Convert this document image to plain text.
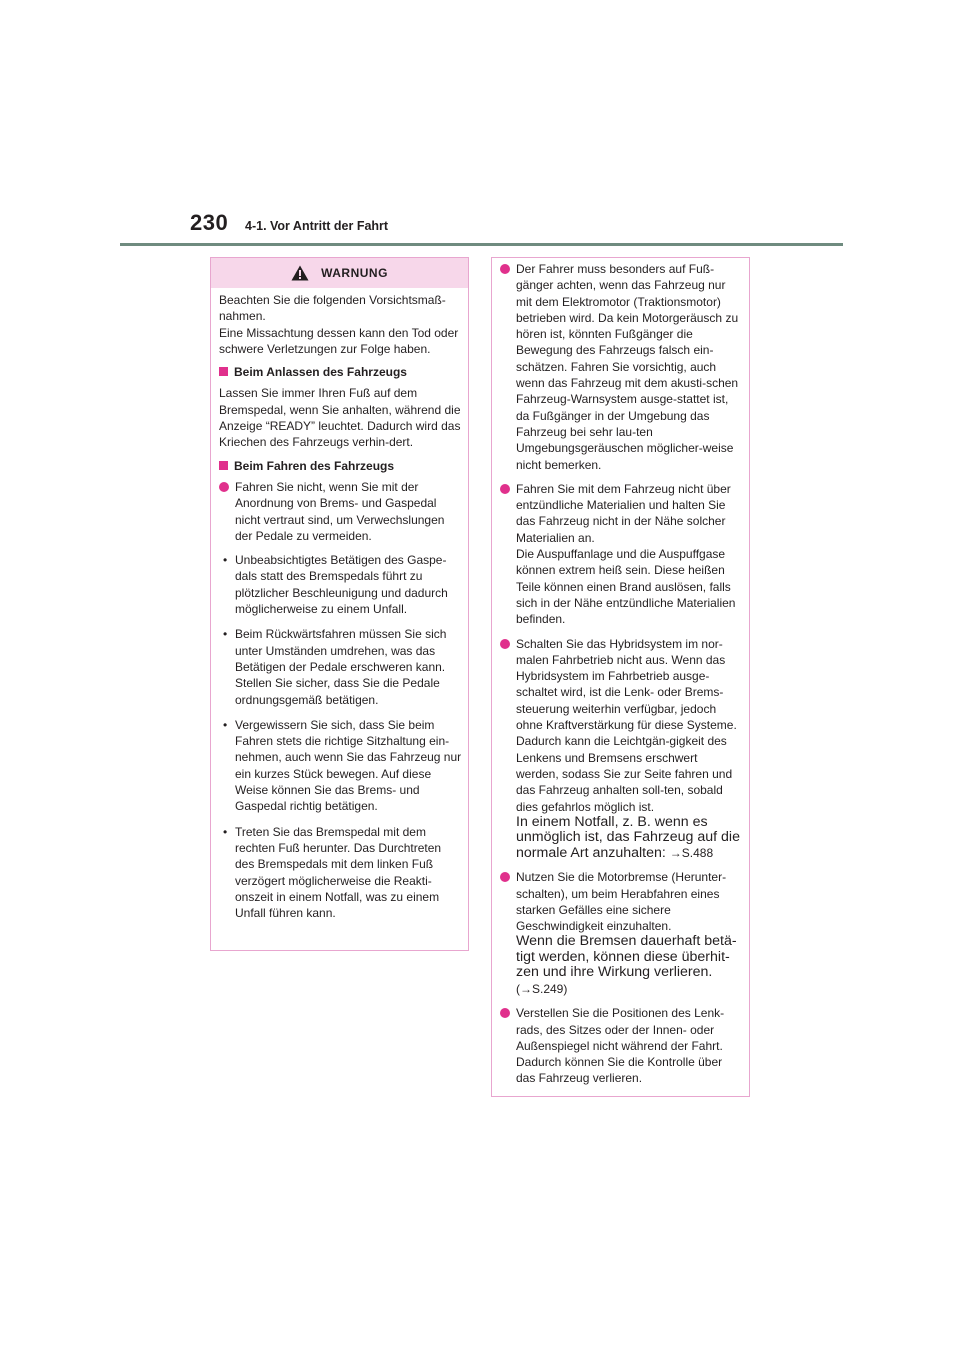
230 4-1. Vor Antritt der Fahrt
WARNUNG

Beachten Sie die folgenden Vorsichtsmaß-nahmen.
Eine Missachtung dessen kann den Tod oder schwere Verletzungen zur Folge haben.

Beim Anlassen des Fahrzeugs

Lassen Sie immer Ihren Fuß auf dem Bremspedal, wenn Sie anhalten, während die Anzeige “READY” leuchtet. Dadurch wird das Kriechen des Fahrzeugs verhin-dert.

Beim Fahren des Fahrzeugs
Fahren Sie nicht, wenn Sie mit der Anordnung von Brems- und Gaspedal nicht vertraut sind, um Verwechslungen der Pedale zu vermeiden.
• Unbeabsichtigtes Betätigen des Gaspe-dals statt des Bremspedals führt zu plötzlicher Beschleunigung und dadurch möglicherweise zu einem Unfall.
• Beim Rückwärtsfahren müssen Sie sich unter Umständen umdrehen, was das Betätigen der Pedale erschweren kann. Stellen Sie sicher, dass Sie die Pedale ordnungsgemäß betätigen.
• Vergewissern Sie sich, dass Sie beim Fahren stets die richtige Sitzhaltung ein-nehmen, auch wenn Sie das Fahrzeug nur ein kurzes Stück bewegen. Auf diese Weise können Sie das Brems- und Gaspedal richtig betätigen.
• Treten Sie das Bremspedal mit dem rechten Fuß herunter. Das Durchtreten des Bremspedals mit dem linken Fuß verzögert möglicherweise die Reakti-onszeit in einem Notfall, was zu einem Unfall führen kann.
Der Fahrer muss besonders auf Fuß-gänger achten, wenn das Fahrzeug nur mit dem Elektromotor (Traktionsmotor) betrieben wird. Da kein Motorgeräusch zu hören ist, könnten Fußgänger die Bewegung des Fahrzeugs falsch ein-schätzen. Fahren Sie vorsichtig, auch wenn das Fahrzeug mit dem akusti-schen Fahrzeug-Warnsystem ausge-stattet ist, da Fußgänger in der Umgebung das Fahrzeug bei sehr lau-ten Umgebungsgeräuschen möglicher-weise nicht bemerken.
Fahren Sie mit dem Fahrzeug nicht über entzündliche Materialien und halten Sie das Fahrzeug nicht in der Nähe solcher Materialien an.
Die Auspuffanlage und die Auspuffgase können extrem heiß sein. Diese heißen Teile können einen Brand auslösen, falls sich in der Nähe entzündliche Materialien befinden.
Schalten Sie das Hybridsystem im nor-malen Fahrbetrieb nicht aus. Wenn das Hybridsystem im Fahrbetrieb ausge-schaltet wird, ist die Lenk- oder Brems-steuerung weiterhin verfügbar, jedoch ohne Kraftverstärkung für diese Systeme. Dadurch kann die Leichtgän-gigkeit des Lenkens und Bremsens erschwert werden, sodass Sie zur Seite fahren und das Fahrzeug anhalten soll-ten, sobald dies gefahrlos möglich ist.
In einem Notfall, z. B. wenn es unmöglich ist, das Fahrzeug auf die normale Art anzuhalten: →S.488
Nutzen Sie die Motorbremse (Herunter-schalten), um beim Herabfahren eines starken Gefälles eine sichere Geschwindigkeit einzuhalten.
Wenn die Bremsen dauerhaft betä-tigt werden, können diese überhit-zen und ihre Wirkung verlieren.
(→S.249)
Verstellen Sie die Positionen des Lenk-rads, des Sitzes oder der Innen- oder Außenspiegel nicht während der Fahrt. Dadurch können Sie die Kontrolle über das Fahrzeug verlieren.
